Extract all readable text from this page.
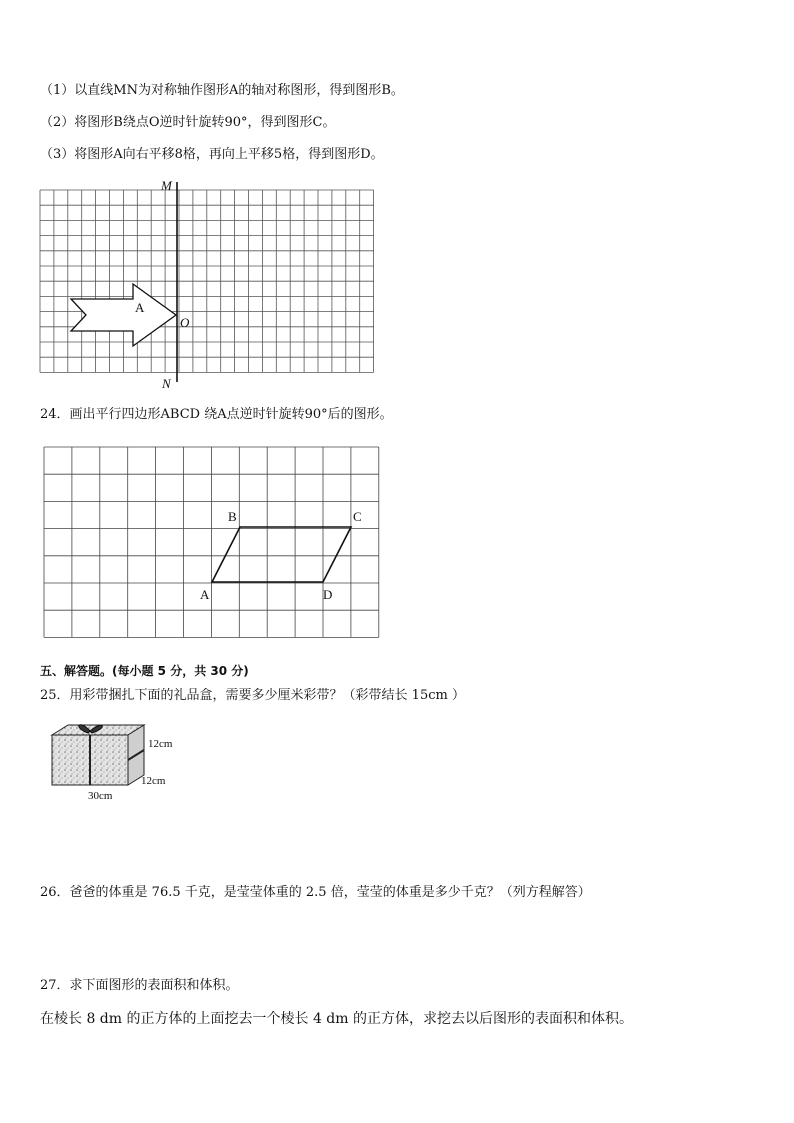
（1）以直线MN为对称轴作图形A的轴对称图形，得到图形B。
（2）将图形B绕点O逆时针旋转90°，得到图形C。
（3）将图形A向右平移8格，再向上平移5格，得到图形D。
M
N
O
A
24．画出平行四边形ABCD 绕A点逆时针旋转90°后的图形。
A
B	C
D
五、解答题。(每小题 5 分，共 30 分)
25．用彩带捆扎下面的礼品盒，需要多少厘米彩带？（彩带结长 15cm ）
12cm
12cm
30cm
26．爸爸的体重是 76.5 千克，是莹莹体重的 2.5 倍，莹莹的体重是多少千克？（列方程解答）
27．求下面图形的表面积和体积。
在棱长 8 dm 的正方体的上面挖去一个棱长 4 dm 的正方体，求挖去以后图形的表面积和体积。
